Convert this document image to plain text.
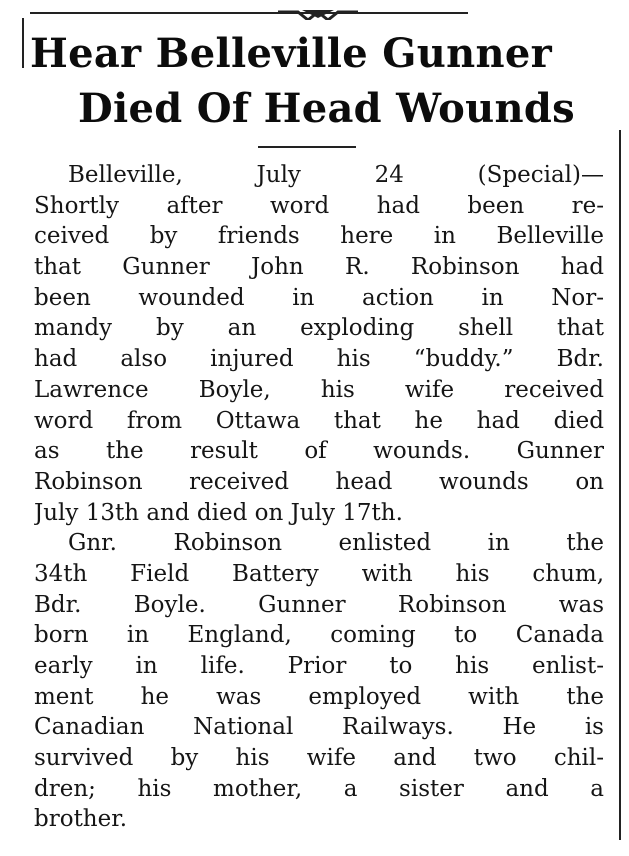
Hear Belleville Gunner
Died Of Head Wounds
Belleville, July 24 (Special)—
Shortly after word had been re-
ceived by friends here in Belleville
that Gunner John R. Robinson had
been wounded in action in Nor-
mandy by an exploding shell that
had also injured his “buddy.” Bdr.
Lawrence Boyle, his wife received
word from Ottawa that he had died
as the result of wounds. Gunner
Robinson received head wounds on
July 13th and died on July 17th.
Gnr. Robinson enlisted in the
34th Field Battery with his chum,
Bdr. Boyle. Gunner Robinson was
born in England, coming to Canada
early in life. Prior to his enlist-
ment he was employed with the
Canadian National Railways. He is
survived by his wife and two chil-
dren; his mother, a sister and a
brother.
